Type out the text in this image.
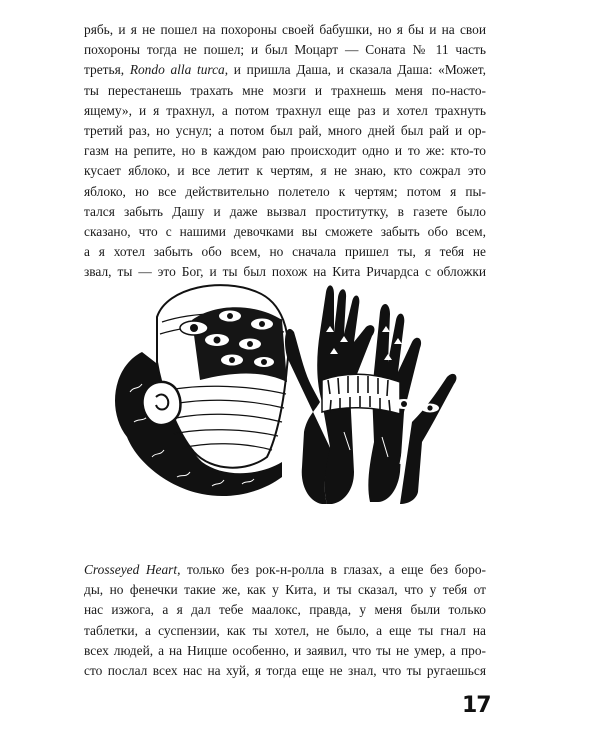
рябь, и я не пошел на похороны своей бабушки, но я бы и на свои
похороны тогда не пошел; и был Моцарт — Соната № 11 часть
третья, Rondo alla turca, и пришла Даша, и сказала Даша: «Может,
ты перестанешь трахать мне мозги и трахнешь меня по-насто-
ящему», и я трахнул, а потом трахнул еще раз и хотел трахнуть
третий раз, но уснул; а потом был рай, много дней был рай и ор-
газм на репите, но в каждом раю происходит одно и то же: кто-то
кусает яблоко, и все летит к чертям, я не знаю, кто сожрал это
яблоко, но все действительно полетело к чертям; потом я пы-
тался забыть Дашу и даже вызвал проститутку, в газете было
сказано, что с нашими девочками вы сможете забыть обо всем,
а я хотел забыть обо всем, но сначала пришел ты, я тебя не
звал, ты — это Бог, и ты был похож на Кита Ричардса с обложки
Crosseyed Heart, только без рок-н-ролла в глазах, а еще без боро-
ды, но фенечки такие же, как у Кита, и ты сказал, что у тебя от
нас изжога, а я дал тебе маалокс, правда, у меня были только
таблетки, а суспензии, как ты хотел, не было, а еще ты гнал на
всех людей, а на Ницше особенно, и заявил, что ты не умер, а про-
сто послал всех нас на хуй, я тогда еще не знал, что ты ругаешься
17
